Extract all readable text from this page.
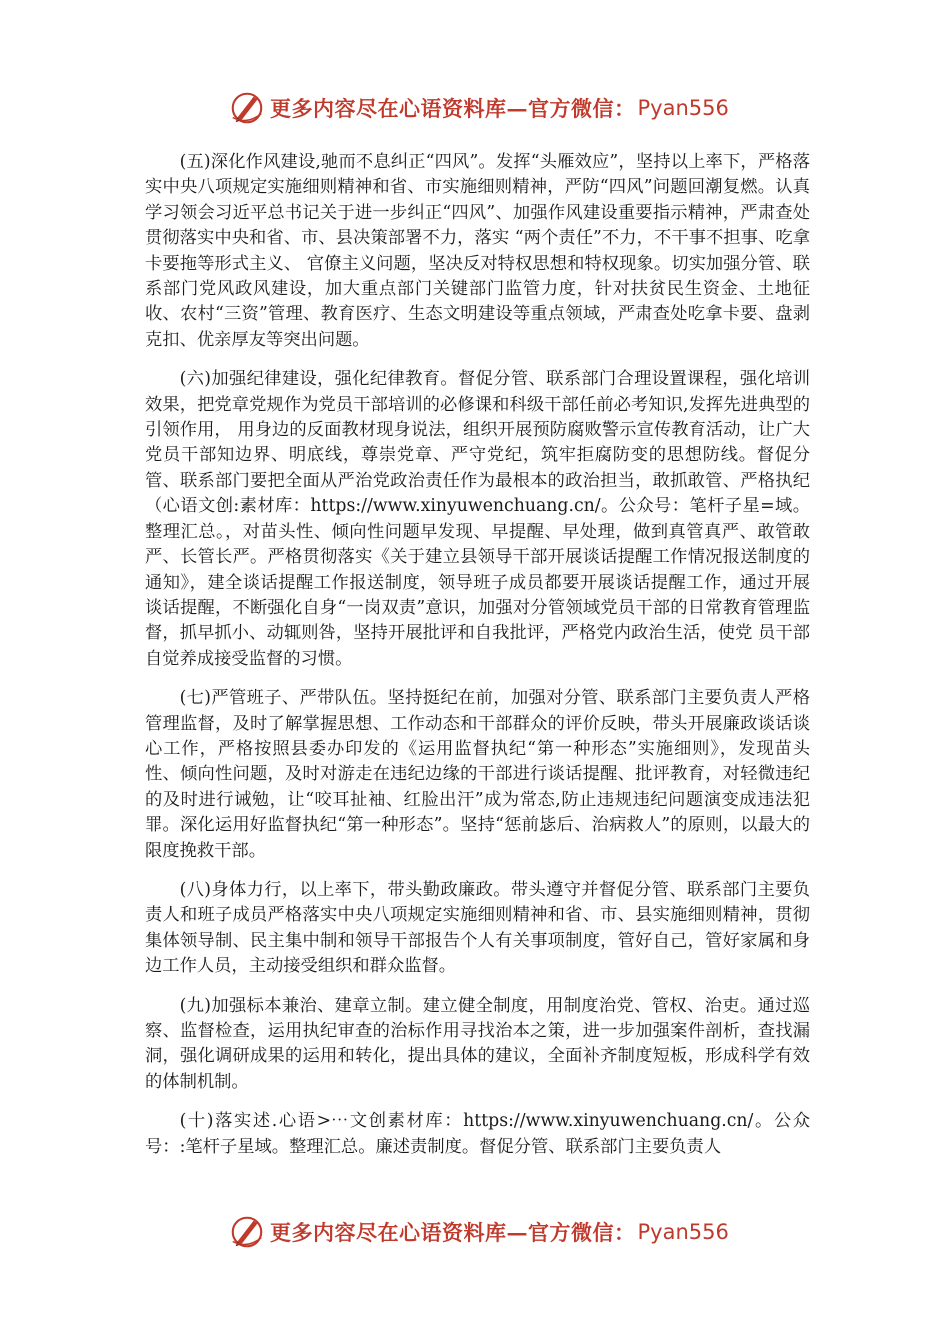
更多内容尽在心语资料库—官方微信： Pyan556

(五)深化作风建设,驰而不息纠正“四风”。发挥“头雁效应”，坚持以上率下，严格落实中央八项规定实施细则精神和省、市实施细则精神，严防“四风”问题回潮复燃。认真学习领会习近平总书记关于进一步纠正“四风”、加强作风建设重要指示精神，严肃查处贯彻落实中央和省、市、县决策部署不力，落实 “两个责任”不力，不干事不担事、吃拿卡要拖等形式主义、 官僚主义问题，坚决反对特权思想和特权现象。切实加强分管、联系部门党风政风建设，加大重点部门关键部门监管力度，针对扶贫民生资金、土地征收、农村“三资”管理、教育医疗、生态文明建设等重点领域，严肃查处吃拿卡要、盘剥克扣、优亲厚友等突出问题。

(六)加强纪律建设，强化纪律教育。督促分管、联系部门合理设置课程，强化培训效果，把党章党规作为党员干部培训的必修课和科级干部任前必考知识,发挥先进典型的引领作用， 用身边的反面教材现身说法，组织开展预防腐败警示宣传教育活动，让广大党员干部知边界、明底线，尊崇党章、严守党纪，筑牢拒腐防变的思想防线。督促分管、联系部门要把全面从严治党政治责任作为最根本的政治担当，敢抓敢管、严格执纪（心语文创:素材库：https://www.xinyuwenchuang.cn/。公众号：笔杆子星=域。整理汇总。，对苗头性、倾向性问题早发现、早提醒、早处理，做到真管真严、敢管敢严、长管长严。严格贯彻落实《关于建立县领导干部开展谈话提醒工作情况报送制度的通知》，建全谈话提醒工作报送制度，领导班子成员都要开展谈话提醒工作，通过开展谈话提醒，不断强化自身“一岗双责”意识，加强对分管领域党员干部的日常教育管理监督，抓早抓小、动辄则咎，坚持开展批评和自我批评，严格党内政治生活，使党 员干部自觉养成接受监督的习惯。

(七)严管班子、严带队伍。坚持挺纪在前，加强对分管、联系部门主要负责人严格管理监督，及时了解掌握思想、工作动态和干部群众的评价反映，带头开展廉政谈话谈心工作，严格按照县委办印发的《运用监督执纪“第一种形态”实施细则》，发现苗头性、倾向性问题，及时对游走在违纪边缘的干部进行谈话提醒、批评教育，对轻微违纪的及时进行诫勉，让“咬耳扯袖、红脸出汗”成为常态,防止违规违纪问题演变成违法犯罪。深化运用好监督执纪“第一种形态”。坚持“惩前毖后、治病救人”的原则，以最大的限度挽救干部。

(八)身体力行，以上率下，带头勤政廉政。带头遵守并督促分管、联系部门主要负责人和班子成员严格落实中央八项规定实施细则精神和省、市、县实施细则精神，贯彻集体领导制、民主集中制和领导干部报告个人有关事项制度，管好自己，管好家属和身边工作人员，主动接受组织和群众监督。

(九)加强标本兼治、建章立制。建立健全制度，用制度治党、管权、治吏。通过巡察、监督检查，运用执纪审查的治标作用寻找治本之策，进一步加强案件剖析，查找漏洞，强化调研成果的运用和转化，提出具体的建议，全面补齐制度短板，形成科学有效的体制机制。

(十)落实述.心语>⋯文创素材库：https://www.xinyuwenchuang.cn/。公众号：:笔杆子星域。整理汇总。廉述责制度。督促分管、联系部门主要负责人

更多内容尽在心语资料库—官方微信： Pyan556
